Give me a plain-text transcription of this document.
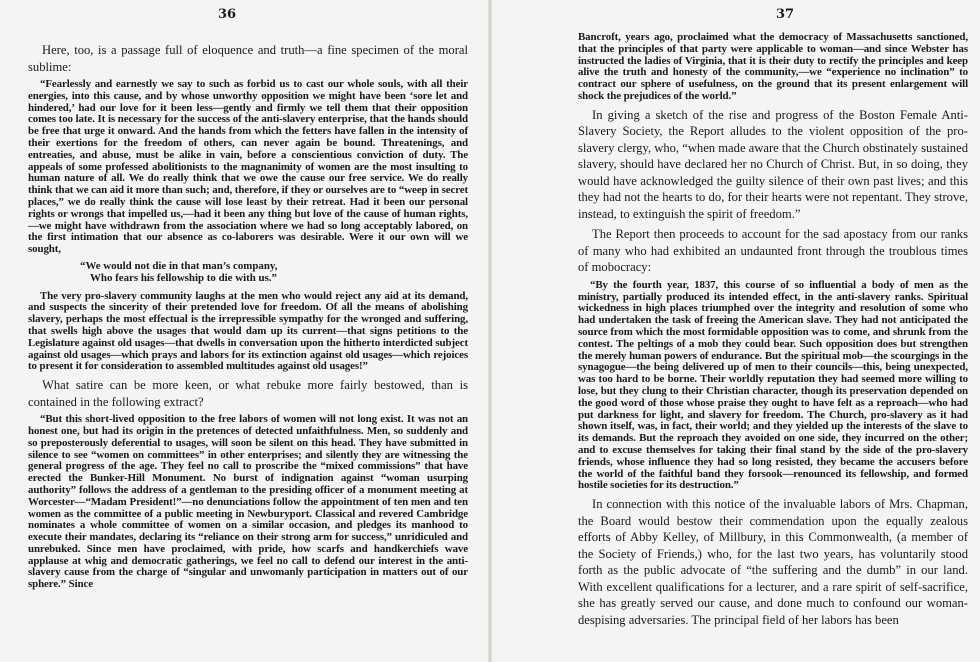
36

Here, too, is a passage full of eloquence and truth—a fine specimen of the moral sublime:

“Fearlessly and earnestly we say to such as forbid us to cast our whole souls, with all their energies, into this cause, and by whose unworthy opposition we might have been ‘sore let and hindered,’ had our love for it been less—gently and firmly we tell them that their opposition comes too late. It is necessary for the success of the anti-slavery enterprise, that the hands should be free that urge it onward. And the hands from which the fetters have fallen in the intensity of their exertions for the freedom of others, can never again be bound. Threatenings, and entreaties, and abuse, must be alike in vain, before a conscientious conviction of duty. The appeals of some professed abolitionists to the magnanimity of women are the most insulting to human nature of all. We do really think that we owe the cause our free service. We do really think that we can aid it more than such; and, therefore, if they or ourselves are to “weep in secret places,” we do really think the cause will lose least by their retreat. Had it been our personal rights or wrongs that impelled us,—had it been any thing but love of the cause of human rights,—we might have withdrawn from the association where we had so long acceptably labored, on the first intimation that our absence as co-laborers was desirable. Were it our own will we sought,

“We would not die in that man’s company,
Who fears his fellowship to die with us.”

The very pro-slavery community laughs at the men who would reject any aid at its demand, and suspects the sincerity of their pretended love for freedom. Of all the means of abolishing slavery, perhaps the most effectual is the irrepressible sympathy for the wronged and suffering, that swells high above the usages that would dam up its current—that signs petitions to the Legislature against old usages—that dwells in conversation upon the hitherto interdicted subject against old usages—which prays and labors for its extinction against old usages—which rejoices to present it for consideration to assembled multitudes against old usages!”

What satire can be more keen, or what rebuke more fairly bestowed, than is contained in the following extract?

“But this short-lived opposition to the free labors of women will not long exist. It was not an honest one, but had its origin in the pretences of detected unfaithfulness. Men, so suddenly and so preposterously deferential to usages, will soon be silent on this head. They have submitted in silence to see “women on committees” in other enterprises; and silently they are witnessing the general progress of the age. They feel no call to proscribe the “mixed commissions” that have erected the Bunker-Hill Monument. No burst of indignation against “woman usurping authority” follows the address of a gentleman to the presiding officer of a monument meeting at Worcester—“Madam President!”—no denunciations follow the appointment of ten men and ten women as the committee of a public meeting in Newburyport. Classical and revered Cambridge nominates a whole committee of women on a similar occasion, and pledges its manhood to execute their mandates, declaring its “reliance on their strong arm for success,” unridiculed and unrebuked. Since men have proclaimed, with pride, how scarfs and handkerchiefs wave applause at whig and democratic gatherings, we feel no call to defend our interest in the anti-slavery cause from the charge of “singular and unwomanly participation in matters out of our sphere.” Since

37

Bancroft, years ago, proclaimed what the democracy of Massachusetts sanctioned, that the principles of that party were applicable to woman—and since Webster has instructed the ladies of Virginia, that it is their duty to rectify the principles and keep alive the truth and honesty of the community,—we “experience no inclination” to contract our sphere of usefulness, on the ground that its present enlargement will shock the prejudices of the world.”

In giving a sketch of the rise and progress of the Boston Female Anti-Slavery Society, the Report alludes to the violent opposition of the pro-slavery clergy, who, “when made aware that the Church obstinately sustained slavery, should have declared her no Church of Christ. But, in so doing, they would have acknowledged the guilty silence of their own past lives; and this they had not the hearts to do, for their hearts were not repentant. They strove, instead, to extinguish the spirit of freedom.”

The Report then proceeds to account for the sad apostacy from our ranks of many who had exhibited an undaunted front through the troublous times of mobocracy:

“By the fourth year, 1837, this course of so influential a body of men as the ministry, partially produced its intended effect, in the anti-slavery ranks. Spiritual wickedness in high places triumphed over the integrity and resolution of some who had undertaken the task of freeing the American slave. They had not anticipated the source from which the most formidable opposition was to come, and shrunk from the contest. The peltings of a mob they could bear. Such opposition does but strengthen the merely human powers of endurance. But the spiritual mob—the scourgings in the synagogue—the being delivered up of men to their councils—this, being unexpected, was too hard to be borne. Their worldly reputation they had seemed more willing to lose, but they clung to their Christian character, though its preservation depended on the good word of those whose praise they ought to have felt as a reproach—who had put darkness for light, and slavery for freedom. The Church, pro-slavery as it had shown itself, was, in fact, their world; and they yielded up the interests of the slave to its demands. But the reproach they avoided on one side, they incurred on the other; and to excuse themselves for taking their final stand by the side of the pro-slavery friends, whose influence they had so long resisted, they became the accusers before the world of the faithful band they forsook—renounced its fellowship, and formed hostile societies for its destruction.”

In connection with this notice of the invaluable labors of Mrs. Chapman, the Board would bestow their commendation upon the equally zealous efforts of Abby Kelley, of Millbury, in this Commonwealth, (a member of the Society of Friends,) who, for the last two years, has voluntarily stood forth as the public advocate of “the suffering and the dumb” in our land. With excellent qualifications for a lecturer, and a rare spirit of self-sacrifice, she has greatly served our cause, and done much to confound our woman-despising adversaries. The principal field of her labors has been
